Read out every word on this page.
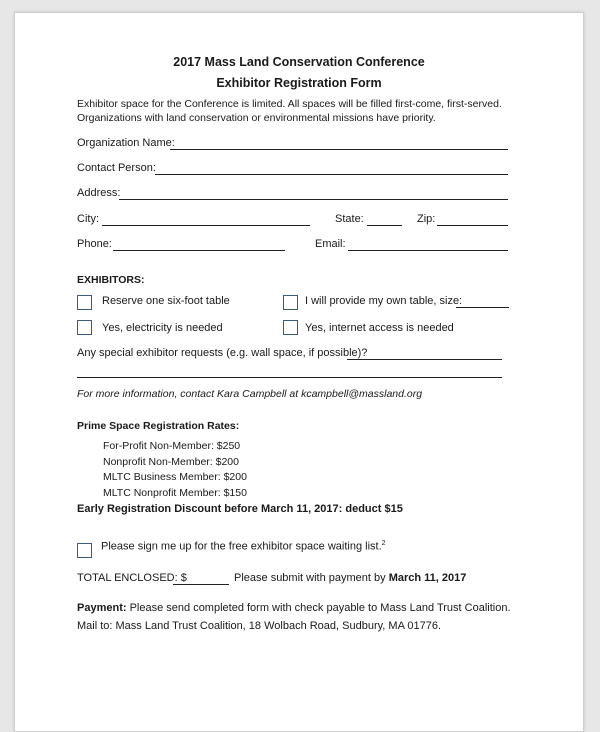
2017 Mass Land Conservation Conference
Exhibitor Registration Form
Exhibitor space for the Conference is limited. All spaces will be filled first-come, first-served.
Organizations with land conservation or environmental missions have priority.
Organization Name:
Contact Person:
Address:
City:	State:	Zip:
Phone:	Email:
EXHIBITORS:
Reserve one six-foot table	I will provide my own table, size:
Yes, electricity is needed	Yes, internet access is needed
Any special exhibitor requests (e.g. wall space, if possible)?
For more information, contact Kara Campbell at kcampbell@massland.org
Prime Space Registration Rates:
For-Profit Non-Member: $250
Nonprofit Non-Member: $200
MLTC Business Member: $200
MLTC Nonprofit Member: $150
Early Registration Discount before March 11, 2017: deduct $15
Please sign me up for the free exhibitor space waiting list.$^2$
TOTAL ENCLOSED: $	Please submit with payment by March 11, 2017
Payment: Please send completed form with check payable to Mass Land Trust Coalition.
Mail to: Mass Land Trust Coalition, 18 Wolbach Road, Sudbury, MA 01776.
